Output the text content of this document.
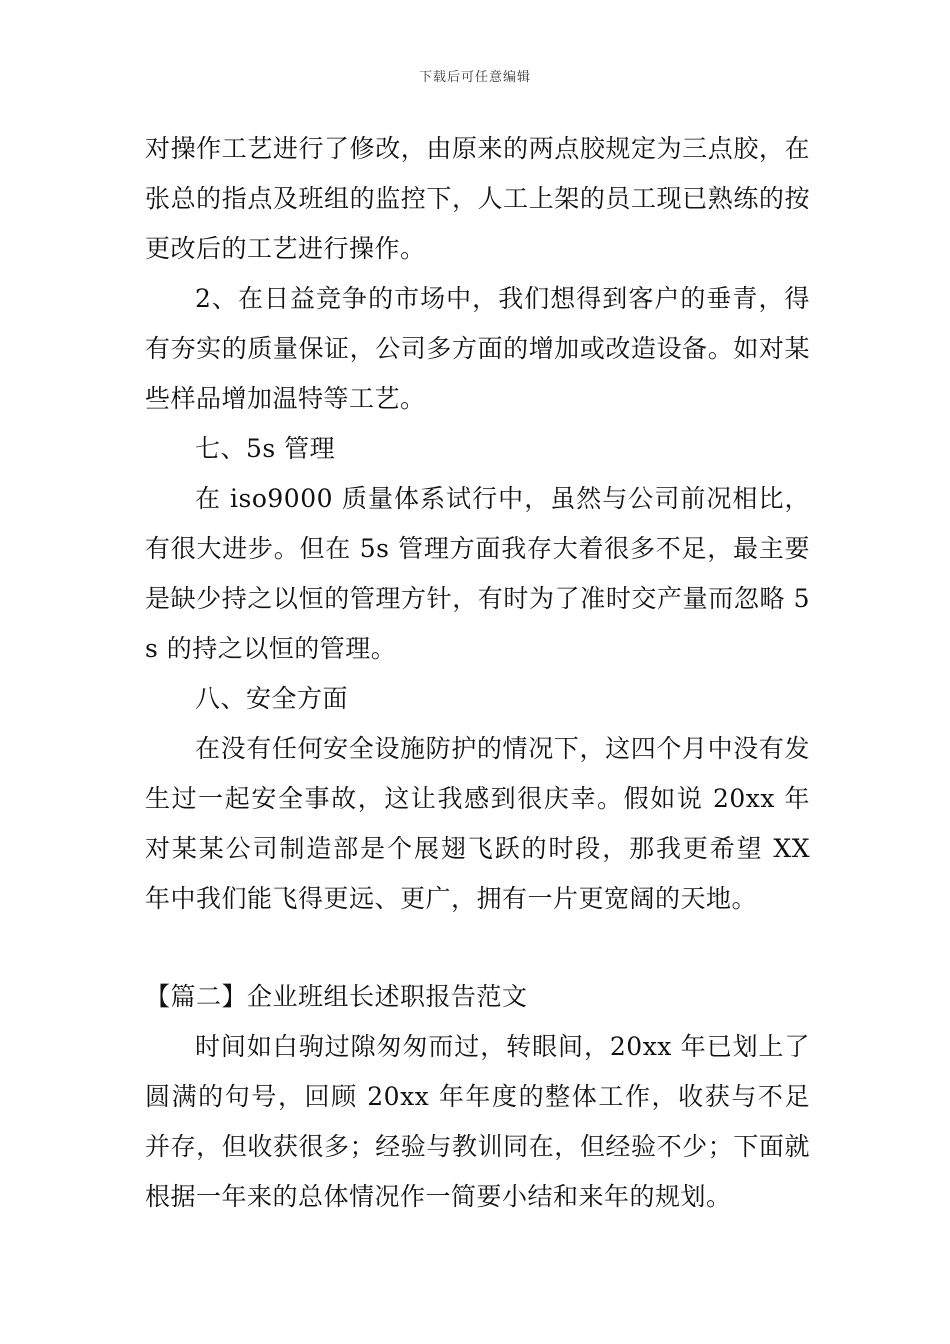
下载后可任意编辑

对操作工艺进行了修改，由原来的两点胶规定为三点胶，在张总的指点及班组的监控下，人工上架的员工现已熟练的按更改后的工艺进行操作。

2、在日益竞争的市场中，我们想得到客户的垂青，得有夯实的质量保证，公司多方面的增加或改造设备。如对某些样品增加温特等工艺。

七、5s 管理

在 iso9000 质量体系试行中，虽然与公司前况相比，有很大进步。但在 5s 管理方面我存大着很多不足，最主要是缺少持之以恒的管理方针，有时为了准时交产量而忽略 5s 的持之以恒的管理。

八、安全方面

在没有任何安全设施防护的情况下，这四个月中没有发生过一起安全事故，这让我感到很庆幸。假如说 20xx 年对某某公司制造部是个展翅飞跃的时段，那我更希望 XX 年中我们能飞得更远、更广，拥有一片更宽阔的天地。

【篇二】企业班组长述职报告范文

时间如白驹过隙匆匆而过，转眼间，20xx 年已划上了圆满的句号，回顾 20xx 年年度的整体工作，收获与不足并存，但收获很多；经验与教训同在，但经验不少；下面就根据一年来的总体情况作一简要小结和来年的规划。
